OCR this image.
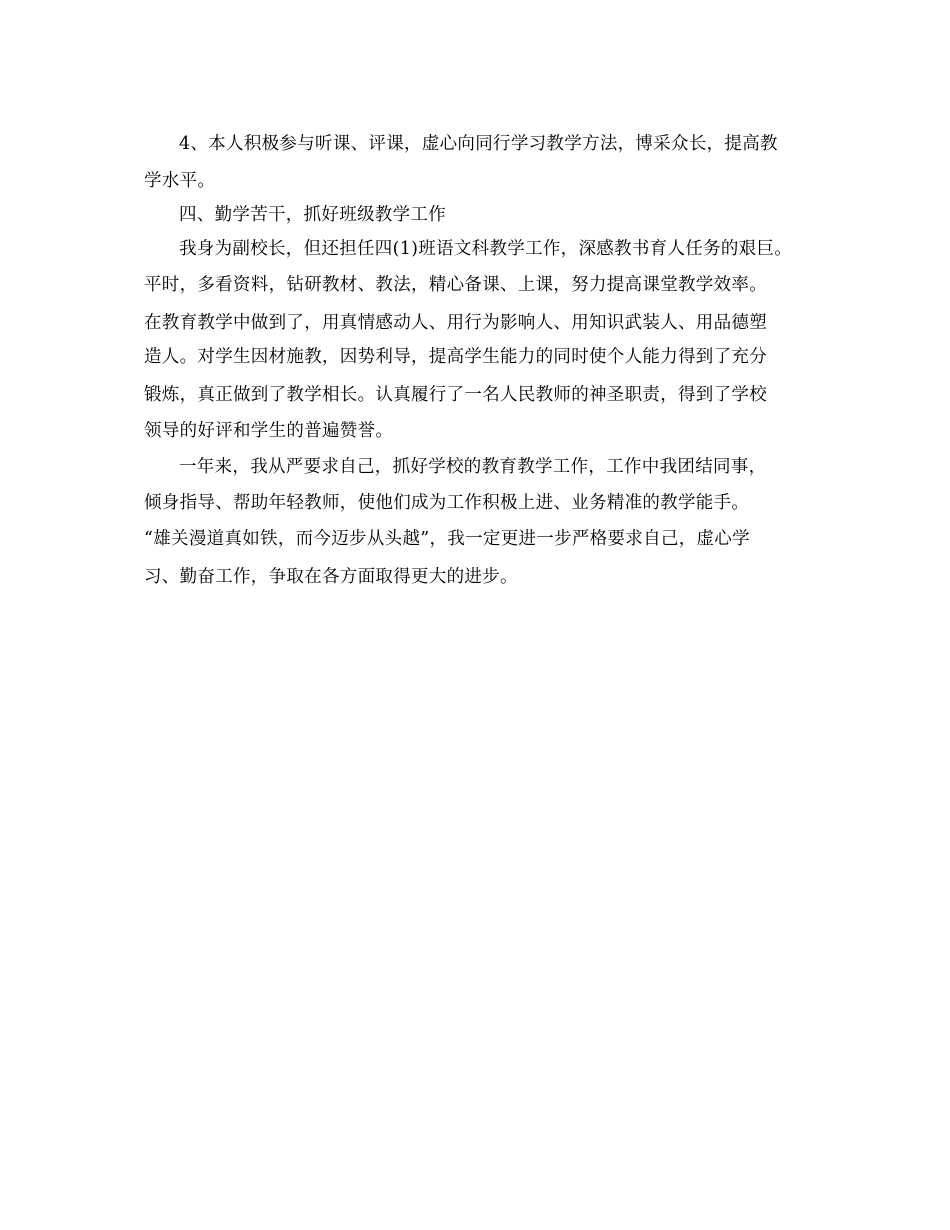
4、本人积极参与听课、评课，虚心向同行学习教学方法，博采众长，提高教
学水平。
四、勤学苦干，抓好班级教学工作
我身为副校长，但还担任四(1)班语文科教学工作，深感教书育人任务的艰巨。
平时，多看资料，钻研教材、教法，精心备课、上课，努力提高课堂教学效率。
在教育教学中做到了，用真情感动人、用行为影响人、用知识武装人、用品德塑
造人。对学生因材施教，因势利导，提高学生能力的同时使个人能力得到了充分
锻炼，真正做到了教学相长。认真履行了一名人民教师的神圣职责，得到了学校
领导的好评和学生的普遍赞誉。
一年来，我从严要求自己，抓好学校的教育教学工作，工作中我团结同事，
倾身指导、帮助年轻教师，使他们成为工作积极上进、业务精准的教学能手。
“雄关漫道真如铁，而今迈步从头越”，我一定更进一步严格要求自己，虚心学
习、勤奋工作，争取在各方面取得更大的进步。
